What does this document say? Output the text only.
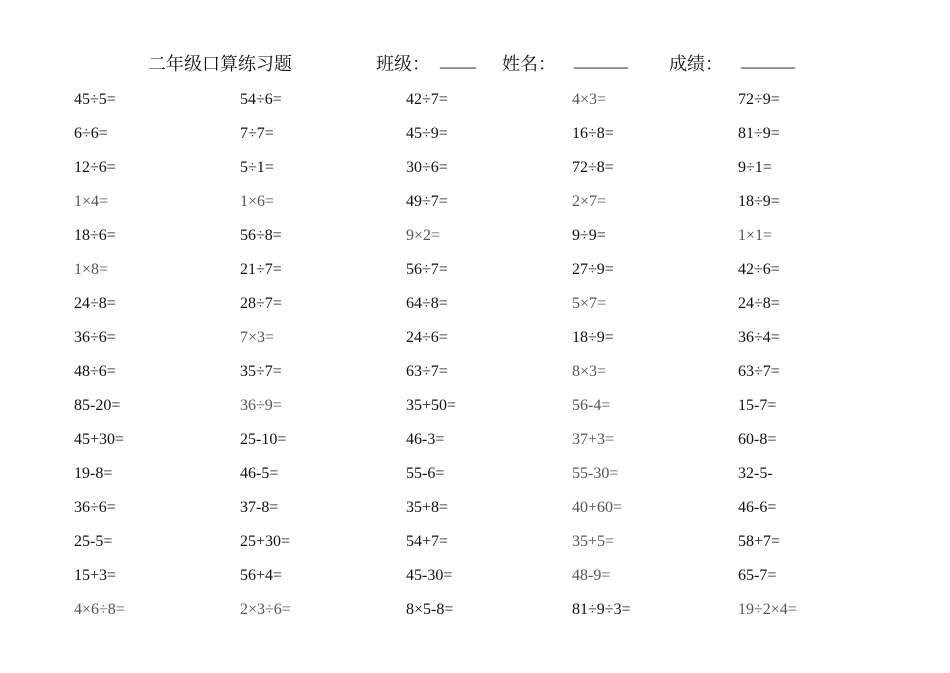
二年级口算练习题	班级： ____ 姓名： ______ 成绩： ______
45÷5=	54÷6=	42÷7=	4×3=	72÷9=
6÷6=	7÷7=	45÷9=	16÷8=	81÷9=
12÷6=	5÷1=	30÷6=	72÷8=	9÷1=
1×4=	1×6=	49÷7=	2×7=	18÷9=
18÷6=	56÷8=	9×2=	9÷9=	1×1=
1×8=	21÷7=	56÷7=	27÷9=	42÷6=
24÷8=	28÷7=	64÷8=	5×7=	24÷8=
36÷6=	7×3=	24÷6=	18÷9=	36÷4=
48÷6=	35÷7=	63÷7=	8×3=	63÷7=
85-20=	36÷9=	35+50=	56-4=	15-7=
45+30=	25-10=	46-3=	37+3=	60-8=
19-8=	46-5=	55-6=	55-30=	32-5-
36÷6=	37-8=	35+8=	40+60=	46-6=
25-5=	25+30=	54+7=	35+5=	58+7=
15+3=	56+4=	45-30=	48-9=	65-7=
4×6÷8=	2×3÷6=	8×5-8=	81÷9÷3=	19÷2×4=
